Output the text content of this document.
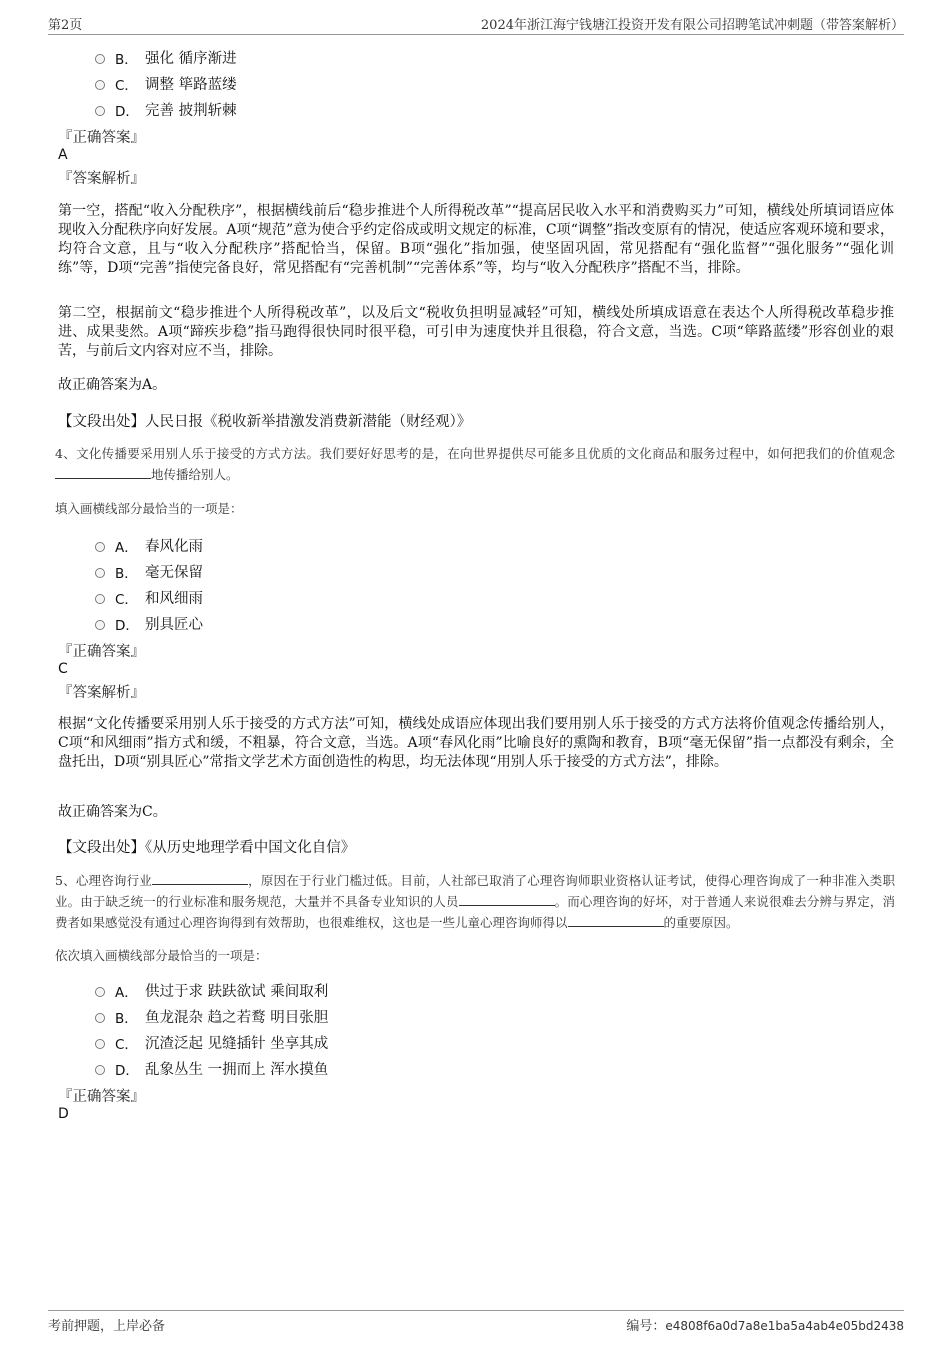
第2页	2024年浙江海宁钱塘江投资开发有限公司招聘笔试冲刺题（带答案解析）
B． 强化 循序渐进
C． 调整 筚路蓝缕
D． 完善 披荆斩棘
『正确答案』
A
『答案解析』
第一空，搭配“收入分配秩序”，根据横线前后“稳步推进个人所得税改革”“提高居民收入水平和消费购买力”可知，横线处所填词语应体现收入分配秩序向好发展。A项“规范”意为使合乎约定俗成或明文规定的标准，C项“调整”指改变原有的情况，使适应客观环境和要求，均符合文意，且与“收入分配秩序”搭配恰当，保留。B项“强化”指加强，使坚固巩固，常见搭配有“强化监督”“强化服务”“强化训练”等，D项“完善”指使完备良好，常见搭配有“完善机制”“完善体系”等，均与“收入分配秩序”搭配不当，排除。
第二空，根据前文“稳步推进个人所得税改革”，以及后文“税收负担明显减轻”可知，横线处所填成语意在表达个人所得税改革稳步推进、成果斐然。A项“蹄疾步稳”指马跑得很快同时很平稳，可引申为速度快并且很稳，符合文意，当选。C项“筚路蓝缕”形容创业的艰苦，与前后文内容对应不当，排除。
故正确答案为A。
【文段出处】人民日报《税收新举措激发消费新潜能（财经观）》
4、文化传播要采用别人乐于接受的方式方法。我们要好好思考的是，在向世界提供尽可能多且优质的文化商品和服务过程中，如何把我们的价值观念地传播给别人。
填入画横线部分最恰当的一项是：
A． 春风化雨
B． 毫无保留
C． 和风细雨
D． 别具匠心
『正确答案』
C
『答案解析』
根据“文化传播要采用别人乐于接受的方式方法”可知，横线处成语应体现出我们要用别人乐于接受的方式方法将价值观念传播给别人，C项“和风细雨”指方式和缓，不粗暴，符合文意，当选。A项“春风化雨”比喻良好的熏陶和教育，B项“毫无保留”指一点都没有剩余，全盘托出，D项“别具匠心”常指文学艺术方面创造性的构思，均无法体现“用别人乐于接受的方式方法”，排除。
故正确答案为C。
【文段出处】《从历史地理学看中国文化自信》
5、心理咨询行业	，原因在于行业门槛过低。目前，人社部已取消了心理咨询师职业资格认证考试，使得心理咨询成了一种非准入类职业。由于缺乏统一的行业标准和服务规范，大量并不具备专业知识的人员	。而心理咨询的好坏，对于普通人来说很难去分辨与界定，消费者如果感觉没有通过心理咨询得到有效帮助，也很难维权，这也是一些儿童心理咨询师得以	的重要原因。
依次填入画横线部分最恰当的一项是：
A． 供过于求 趺趺欲试 乘间取利
B． 鱼龙混杂 趋之若鹜 明目张胆
C． 沉渣泛起 见缝插针 坐享其成
D． 乱象丛生 一拥而上 浑水摸鱼
『正确答案』
D
考前押题，上岸必备	编号：e4808f6a0d7a8e1ba5a4ab4e05bd2438
